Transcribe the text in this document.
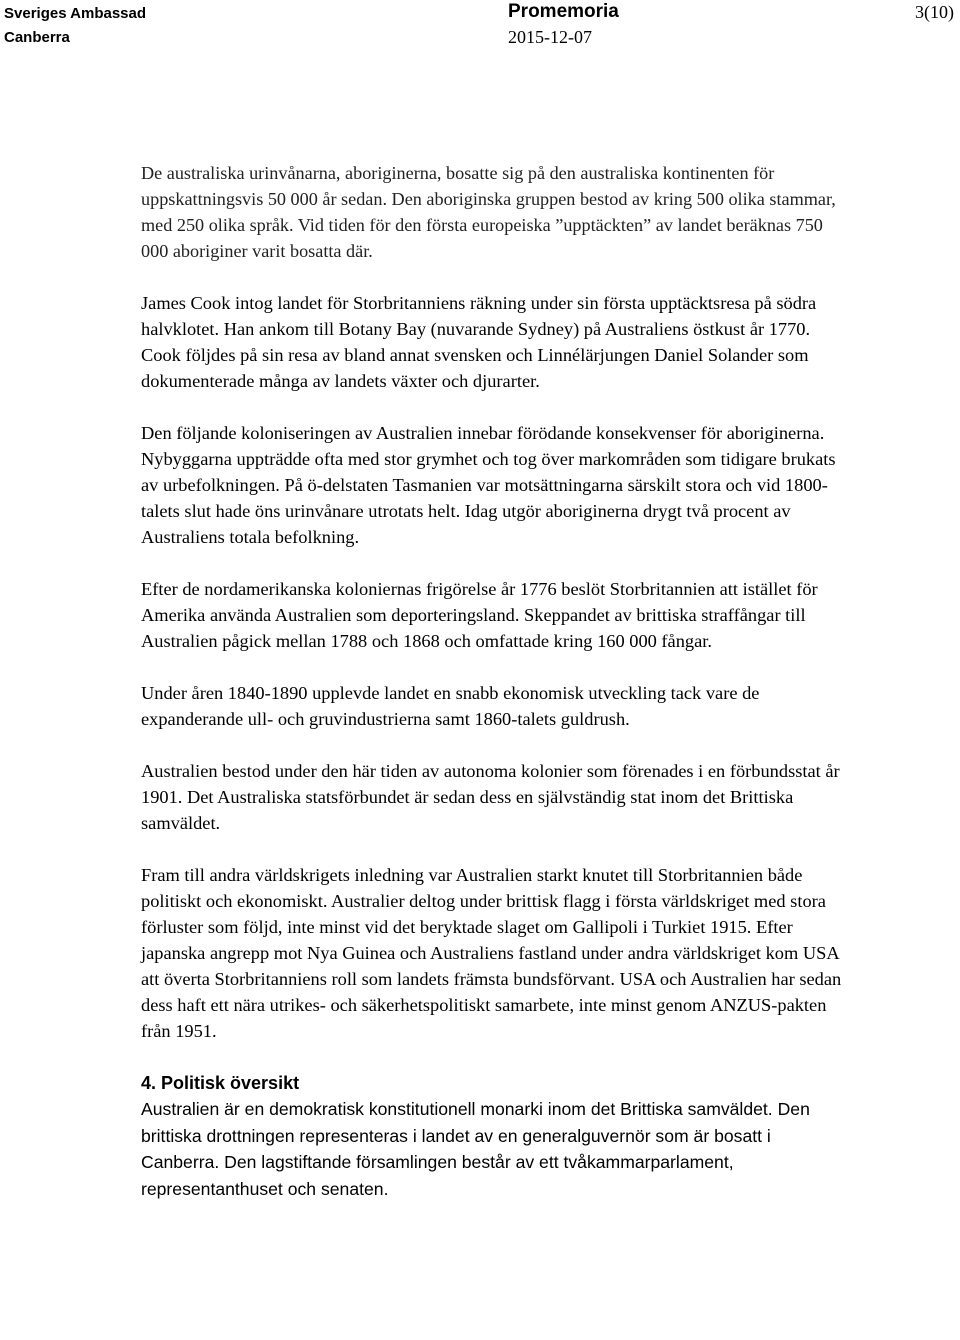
Sveriges Ambassad
Canberra
Promemoria
2015-12-07
3(10)

De australiska urinvånarna, aboriginerna, bosatte sig på den australiska kontinenten för uppskattningsvis 50 000 år sedan. Den aboriginska gruppen bestod av kring 500 olika stammar, med 250 olika språk. Vid tiden för den första europeiska ”upptäckten” av landet beräknas 750 000 aboriginer varit bosatta där.

James Cook intog landet för Storbritanniens räkning under sin första upptäcktsresa på södra halvklotet. Han ankom till Botany Bay (nuvarande Sydney) på Australiens östkust år 1770. Cook följdes på sin resa av bland annat svensken och Linnélärjungen Daniel Solander som dokumenterade många av landets växter och djurarter.

Den följande koloniseringen av Australien innebar förödande konsekvenser för aboriginerna. Nybyggarna uppträdde ofta med stor grymhet och tog över markområden som tidigare brukats av urbefolkningen. På ö-delstaten Tasmanien var motsättningarna särskilt stora och vid 1800-talets slut hade öns urinvånare utrotats helt. Idag utgör aboriginerna drygt två procent av Australiens totala befolkning.

Efter de nordamerikanska koloniernas frigörelse år 1776 beslöt Storbritannien att istället för Amerika använda Australien som deporteringsland. Skeppandet av brittiska straffångar till Australien pågick mellan 1788 och 1868 och omfattade kring 160 000 fångar.

Under åren 1840-1890 upplevde landet en snabb ekonomisk utveckling tack vare de expanderande ull- och gruvindustrierna samt 1860-talets guldrush.

Australien bestod under den här tiden av autonoma kolonier som förenades i en förbundsstat år 1901. Det Australiska statsförbundet är sedan dess en självständig stat inom det Brittiska samväldet.

Fram till andra världskrigets inledning var Australien starkt knutet till Storbritannien både politiskt och ekonomiskt. Australier deltog under brittisk flagg i första världskriget med stora förluster som följd, inte minst vid det beryktade slaget om Gallipoli i Turkiet 1915. Efter japanska angrepp mot Nya Guinea och Australiens fastland under andra världskriget kom USA att överta Storbritanniens roll som landets främsta bundsförvant. USA och Australien har sedan dess haft ett nära utrikes- och säkerhetspolitiskt samarbete, inte minst genom ANZUS-pakten från 1951.

4. Politisk översikt

Australien är en demokratisk konstitutionell monarki inom det Brittiska samväldet. Den brittiska drottningen representeras i landet av en generalguvernör som är bosatt i Canberra. Den lagstiftande församlingen består av ett tvåkammarparlament, representanthuset och senaten.
